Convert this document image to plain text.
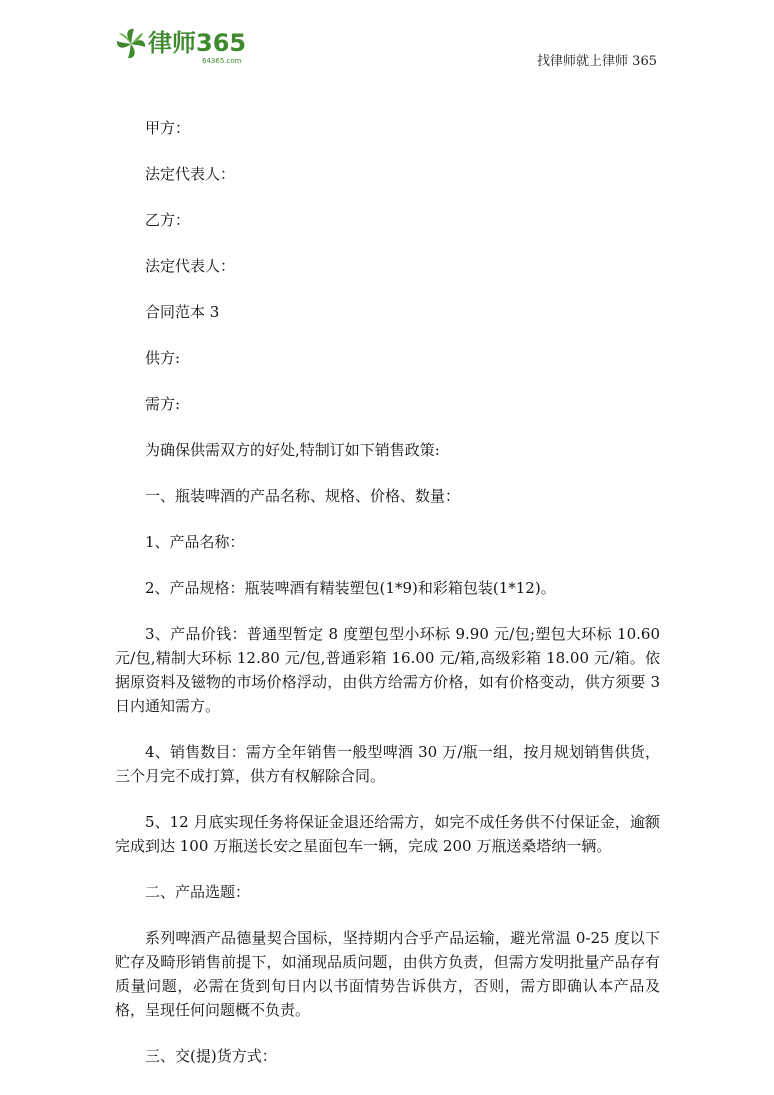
律师365
64365.com	找律师就上律师 365

甲方：

法定代表人：

乙方：

法定代表人：

合同范本 3

供方:

需方:

为确保供需双方的好处,特制订如下销售政策:

一、瓶装啤酒的产品名称、规格、价格、数量：

1、产品名称：

2、产品规格：瓶装啤酒有精装塑包(1*9)和彩箱包装(1*12)。

3、产品价钱：普通型暂定 8 度塑包型小环标 9.90 元/包;塑包大环标 10.60 元/包,精制大环标 12.80 元/包,普通彩箱 16.00 元/箱,高级彩箱 18.00 元/箱。依据原资料及镃物的市场价格浮动，由供方给需方价格，如有价格变动，供方须要 3 日内通知需方。

4、销售数目：需方全年销售一般型啤酒 30 万/瓶一组，按月规划销售供货，三个月完不成打算，供方有权解除合同。

5、12 月底实现任务将保证金退还给需方，如完不成任务供不付保证金，逾额完成到达 100 万瓶送长安之星面包车一辆，完成 200 万瓶送桑塔纳一辆。

二、产品选题：

系列啤酒产品德量契合国标，坚持期内合乎产品运输，避光常温 0-25 度以下贮存及畸形销售前提下，如涌现品质问题，由供方负责，但需方发明批量产品存有质量问题，必需在货到旬日内以书面情势告诉供方，否则，需方即确认本产品及格，呈现任何问题概不负责。

三、交(提)货方式：
